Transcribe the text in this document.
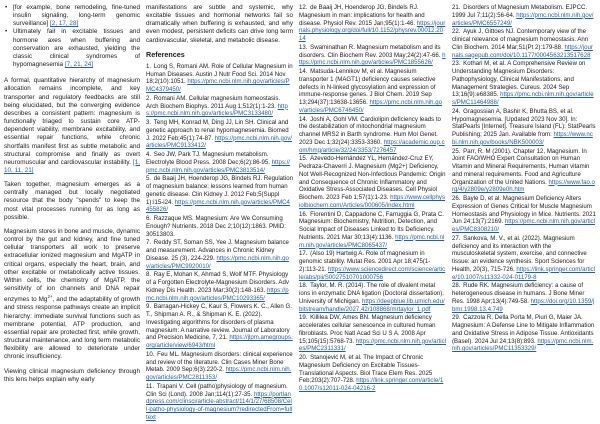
• [for example, bone remodeling, fine-tuned insulin signaling, long-term genomic surveillance] [2, 17, 28]
• Ultimately fail in excitable tissues and hormone axes when buffering and conservation are exhausted, yielding the classic clinical syndromes of hypomagnesemia [7, 21, 24]

A formal, quantitative hierarchy of magnesium allocation remains incomplete, and key transporter and regulatory feedbacks are still being elucidated, but the converging evidence describes a consistent pattern: magnesium is functionally triaged to sustain core ATP-dependent viability, membrane excitability, and essential repair functions, while chronic shortfalls manifest first as subtle metabolic and structural compromise and finally as overt neuromuscular and cardiovascular instability. [1, 10, 11, 21]

Taken together, magnesium emerges as a centrally managed but locally negotiated resource that the body "spends" to keep the most vital processes running for as long as possible.

Magnesium stores in bone and muscle, dynamic control by the gut and kidney, and fine tuned cellular transporters all work to preserve extracellular ionized magnesium and MgATP in critical organs, especially the heart, brain, and other excitable or metabolically active tissues. Within cells, the chemistry of MgATP, the sensitivity of ion channels and DNA repair enzymes to $Mg^{2+}$, and the adaptability of growth and stress response pathways create an implicit hierarchy: immediate survival functions such as membrane potential, ATP production, and essential repair are protected first, while growth, structural maintenance, and long term metabolic flexibility are allowed to deteriorate under chronic insufficiency.

Viewing clinical magnesium deficiency through this lens helps explain why early

manifestations are subtle and systemic, why excitable tissues and hormonal networks fail so dramatically when buffering is exhausted, and why even modest, persistent deficits can drive long term cardiovascular, skeletal, and metabolic disease.

References
1. Long S, Romani AM. Role of Cellular Magnesium in Human Diseases. Austin J Nutr Food Sci. 2014 Nov 18;2(10):1051. https://pmc.ncbi.nlm.nih.gov/articles/PMC4379450/
2. Romani AM. Cellular magnesium homeostasis. Arch Biochem Biophys. 2011 Aug 1;512(1):1-23. https://pmc.ncbi.nlm.nih.gov/articles/PMC3133480/
3. Teng MH, Konrad M, Ding JJ, Lin SH. Clinical and genetic approach to renal hypomagnesemia. Biomed J. 2022 Feb;45(1):74-87. https://pmc.ncbi.nlm.nih.gov/articles/PMC9133412/
4. Seo JW, Park TJ. Magnesium metabolism. Electrolyte Blood Press. 2008 Dec;6(2):86-95. https://pmc.ncbi.nlm.nih.gov/articles/PMC3813514/
5. de Baaij JH, Hoenderop JG, Bindels RJ. Regulation of magnesium balance: lessons learned from human genetic disease. Clin Kidney J. 2012 Feb;5(Suppl 1):i15-i24. https://pmc.ncbi.nlm.nih.gov/articles/PMC4455826/
6. Razzaque MS. Magnesium: Are We Consuming Enough? Nutrients. 2018 Dec 2;10(12):1863. PMID: 30513803.
7. Reddy ST, Soman SS, Yee J. Magnesium balance and measurement. Advances in Chronic Kidney Disease. 25 (3), 224-229. https://pmc.ncbi.nlm.nih.gov/articles/PMC9920010/
8. Ray E, Mohan K, Ahmad S, Wolf MTF. Physiology of a Forgotten Electrolyte-Magnesium Disorders. Adv Kidney Dis Health. 2023 Mar;30(2):148-163. https://pmc.ncbi.nlm.nih.gov/articles/PMC10293365/
9. Barragan-Hickey C, Kaur S, Flowers K. C., Allen G. T., Shipman A. R., & Shipman K. E. (2022). Investigating algorithms for disorders of plasma magnesium: A narrative review. Journal of Laboratory and Precision Medicine, 7, 21. https://jlpm.amegroups.org/article/view/6943/html
10. Feu ML. Magnesium disorders: clinical experience and review of the literature. Clin Cases Miner Bone Metab. 2009 Sep;6(3):220-2. https://pmc.ncbi.nlm.nih.gov/articles/PMC2811353/
11. Trapani V. Cell (patho)physiology of magnesium. Clin Sci (Lond). 2008 Jan;114(1):27-35. https://portlandpress.com/clinsci/article-abstract/114/1/27/68508/Cell-patho-physiology-of-magnesium?redirectedFrom=fulltext
12. de Baaij JH, Hoenderop JG, Bindels RJ. Magnesium in man: implications for health and disease. Physiol Rev. 2015 Jan;95(1):1-46. https://journals.physiology.org/doi/full/10.1152/physrev.00012.2014
13. Swaminathan R. Magnesium metabolism and its disorders. Clin Biochem Rev. 2003 May;24(2):47-66. https://pmc.ncbi.nlm.nih.gov/articles/PMC1855626/
14. Matsuda-Lennikov M, et al. Magnesium transporter 1 (MAGT1) deficiency causes selective defects in N-linked glycosylation and expression of immune-response genes. J Biol Chem. 2019 Sep 13;294(37):13638-13656. https://pmc.ncbi.nlm.nih.gov/articles/PMC6746450/
14. Joshi A, Gohl VM. Cardiolipin deficiency leads to the destabilization of mitochondrial magnesium channel MRS2 in Barth syndrome. Hum Mol Genet. 2023 Dec 1;32(24):3353-3360. https://academic.oup.com/hmg/article/32/24/3353/7276457
15. Azevedo-Hernández YL, Hernández-Cruz EY, Pedraza-Chaverri J. Magnesium (Mg2+) Deficiency, Not Well-Recognized Non-Infectious Pandemic: Origin and Consequence of Chronic Inflammatory and Oxidative Stress-Associated Diseases. Cell Physiol Biochem. 2023 Feb 1;57(1):1-23. https://www.cellphysiolbiochem.com/Articles/000605/index.html
16. Fiorentini D, Cappadone C, Farruggia G, Prata C. Magnesium: Biochemistry, Nutrition, Detection, and Social Impact of Diseases Linked to Its Deficiency. Nutrients. 2021 Mar 30;13(4):1136. https://pmc.ncbi.nlm.nih.gov/articles/PMC8065437/
17. (Also 19) Hartwig A. Role of magnesium in genomic stability. Mutat Res. 2001 Apr 18;475(1-2):113-21. https://www.sciencedirect.com/science/article/abs/pii/S0027510701000756
18. Taylor, M. R. (2014). The role of divalent metal ions in enzymatic DNA ligation (Doctoral dissertation). University of Michigan. https://deepblue.lib.umich.edu/bitstream/handle/2027.42/108868/mrtaylor_1.pdf
19. Killilea DW, Ames BN. Magnesium deficiency accelerates cellular senescence in cultured human fibroblasts. Proc Natl Acad Sci U S A. 2008 Apr 15;105(15):5768-73. https://pmc.ncbi.nlm.nih.gov/articles/PMC2311331/
20. Stanojević M, et al. The Impact of Chronic Magnesium Deficiency on Excitable Tissues-Translational Aspects. Biol Trace Elem Res. 2025 Feb;203(2):707-728. https://link.springer.com/article/10.1007/s12011-024-04216-2
21. Disorders of Magnesium Metabolism. EJPCC. 1999 Jul 7;11(2):56-64. https://pmc.ncbi.nlm.nih.gov/articles/PMC6557249/
22. Ayuk J, Gittoes NJ. Contemporary view of the clinical relevance of magnesium homeostasis. Ann Clin Biochem. 2014 Mar;51(Pt 2):179-88. https://journals.sagepub.com/doi/10.1177/0004563213517628
23. Kothari M, et al. A Comprehensive Review on Understanding Magnesium Disorders: Pathophysiology, Clinical Manifestations, and Management Strategies. Cureus. 2024 Sep 13;16(9):e68385. https://pmc.ncbi.nlm.nih.gov/articles/PMC11464988/
24. Gragossian A, Bashir K, Bhutta BS, et al. Hypomagnesemia. [Updated 2023 Nov 30]. In: StatPearls [Internet]. Treasure Island (FL): StatPearls Publishing; 2025 Jan. Available from: https://www.ncbi.nlm.nih.gov/books/NBK500003/
25. Parr, R. M (2001). Chapter 12, Magnesium. In Joint FAO/WHO Expert Consultation on Human Vitamin and Mineral Requirements, Human vitamin and mineral requirements. Food and Agriculture Organization of the United Nations. https://www.fao.org/4/y2809e/y2809e0h.htm
26. Bayle D, et al. Magnesium Deficiency Alters Expression of Genes Critical for Muscle Magnesium Homeostasis and Physiology in Mice. Nutrients. 2021 Jun 24;13(7):2169. https://pmc.ncbi.nlm.nih.gov/articles/PMC8308210/
27. Sankova, M. V., et al. (2022). Magnesium deficiency and its interaction with the musculoskeletal system, exercise, and connective tissue: an evidence synthesis. Sport Sciences for Health, 20(3), 715-726. https://link.springer.com/article/10.1007/s11332-024-01179-8
28. Rude RK. Magnesium deficiency: a cause of heterogeneous disease in humans. J Bone Miner Res. 1998 Apr;13(4):749-58. https://doi.org/10.1359/jbmr.1998.13.4.749
29. Cazzola R, Della Porta M, Piuri G, Maier JA. Magnesium: A Defense Line to Mitigate Inflammation and Oxidative Stress in Adipose Tissue. Antioxidants (Basel). 2024 Jul 24;13(8):893. https://pmc.ncbi.nlm.nih.gov/articles/PMC11353329/
